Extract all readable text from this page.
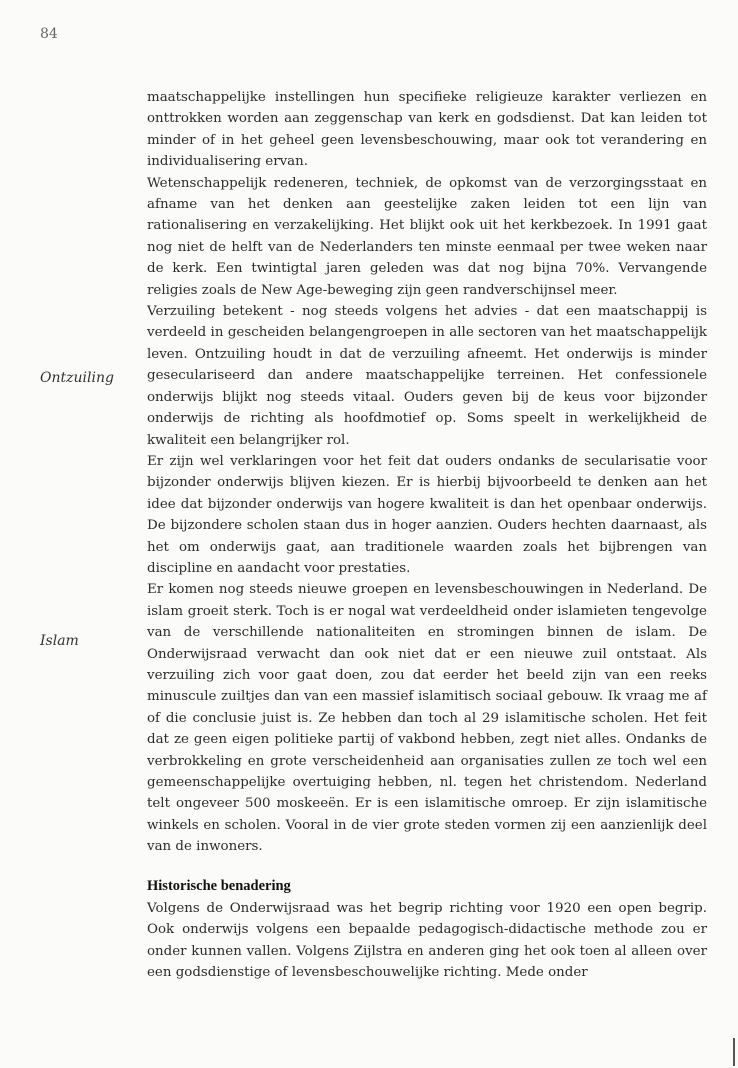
84
Ontzuiling
Islam

maatschappelijke instellingen hun specifieke religieuze karakter verliezen en onttrokken worden aan zeggenschap van kerk en godsdienst. Dat kan leiden tot minder of in het geheel geen levensbeschouwing, maar ook tot verandering en individualisering ervan.

Wetenschappelijk redeneren, techniek, de opkomst van de verzorgingsstaat en afname van het denken aan geestelijke zaken leiden tot een lijn van rationalisering en verzakelijking. Het blijkt ook uit het kerkbezoek. In 1991 gaat nog niet de helft van de Nederlanders ten minste eenmaal per twee weken naar de kerk. Een twintigtal jaren geleden was dat nog bijna 70%. Vervangende religies zoals de New Age-beweging zijn geen randverschijnsel meer.

Verzuiling betekent - nog steeds volgens het advies - dat een maatschappij is verdeeld in gescheiden belangengroepen in alle sectoren van het maatschappelijk leven. Ontzuiling houdt in dat de verzuiling afneemt. Het onderwijs is minder geseculariseerd dan andere maatschappelijke terreinen. Het confessionele onderwijs blijkt nog steeds vitaal. Ouders geven bij de keus voor bijzonder onderwijs de richting als hoofdmotief op. Soms speelt in werkelijkheid de kwaliteit een belangrijker rol.

Er zijn wel verklaringen voor het feit dat ouders ondanks de secularisatie voor bijzonder onderwijs blijven kiezen. Er is hierbij bijvoorbeeld te denken aan het idee dat bijzonder onderwijs van hogere kwaliteit is dan het openbaar onderwijs. De bijzondere scholen staan dus in hoger aanzien. Ouders hechten daarnaast, als het om onderwijs gaat, aan traditionele waarden zoals het bijbrengen van discipline en aandacht voor prestaties.

Er komen nog steeds nieuwe groepen en levensbeschouwingen in Nederland. De islam groeit sterk. Toch is er nogal wat verdeeldheid onder islamieten tengevolge van de verschillende nationaliteiten en stromingen binnen de islam. De Onderwijsraad verwacht dan ook niet dat er een nieuwe zuil ontstaat. Als verzuiling zich voor gaat doen, zou dat eerder het beeld zijn van een reeks minuscule zuiltjes dan van een massief islamitisch sociaal gebouw. Ik vraag me af of die conclusie juist is. Ze hebben dan toch al 29 islamitische scholen. Het feit dat ze geen eigen politieke partij of vakbond hebben, zegt niet alles. Ondanks de verbrokkeling en grote verscheidenheid aan organisaties zullen ze toch wel een gemeenschappelijke overtuiging hebben, nl. tegen het christendom. Nederland telt ongeveer 500 moskeeën. Er is een islamitische omroep. Er zijn islamitische winkels en scholen. Vooral in de vier grote steden vormen zij een aanzienlijk deel van de inwoners.

Historische benadering

Volgens de Onderwijsraad was het begrip richting voor 1920 een open begrip. Ook onderwijs volgens een bepaalde pedagogisch-didactische methode zou er onder kunnen vallen. Volgens Zijlstra en anderen ging het ook toen al alleen over een godsdienstige of levensbeschouwelijke richting. Mede onder
